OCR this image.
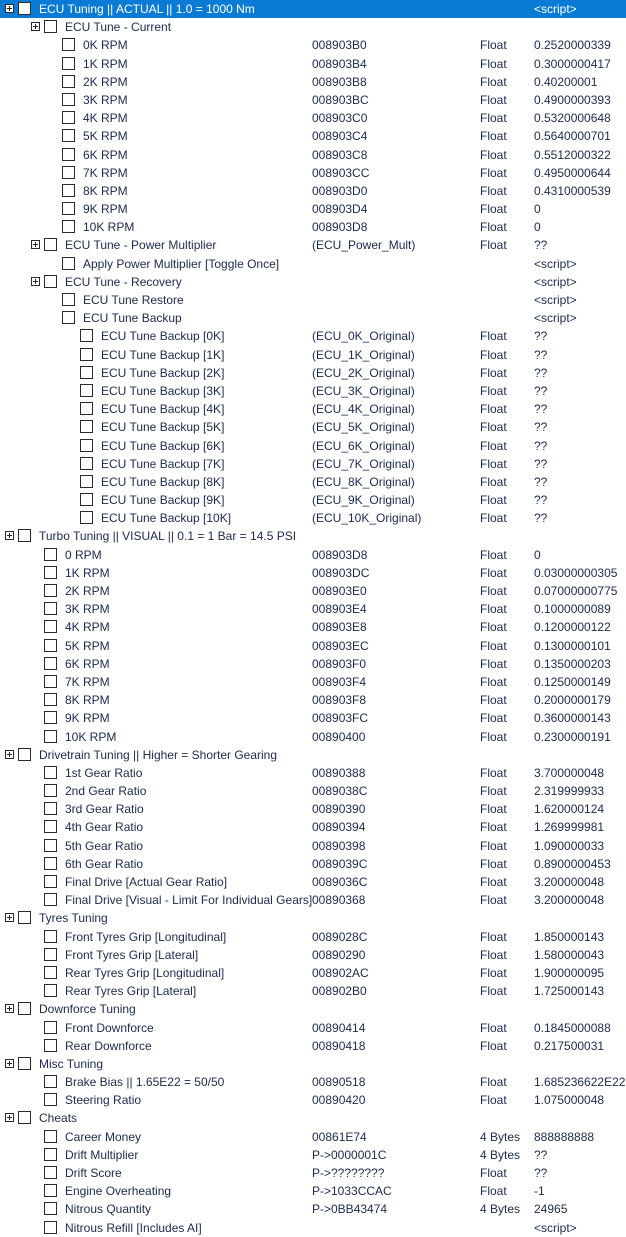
ECU Tuning || ACTUAL || 1.0 = 1000 Nm	<script>
ECU Tune - Current
0K RPM	008903B0	Float 0.2520000339
1K RPM	008903B4	Float 0.3000000417
2K RPM	008903B8	Float 0.40200001
3K RPM	008903BC	Float 0.4900000393
4K RPM	008903C0	Float 0.5320000648
5K RPM	008903C4	Float 0.5640000701
6K RPM	008903C8	Float 0.5512000322
7K RPM	008903CC	Float 0.4950000644
8K RPM	008903D0	Float 0.4310000539
9K RPM	008903D4	Float 0
10K RPM	008903D8	Float 0
ECU Tune - Power Multiplier	(ECU_Power_Mult)	Float ??
Apply Power Multiplier [Toggle Once]	<script>
ECU Tune - Recovery	<script>
ECU Tune Restore	<script>
ECU Tune Backup	<script>
ECU Tune Backup [0K]	(ECU_0K_Original)	Float ??
ECU Tune Backup [1K]	(ECU_1K_Original)	Float ??
ECU Tune Backup [2K]	(ECU_2K_Original)	Float ??
ECU Tune Backup [3K]	(ECU_3K_Original)	Float ??
ECU Tune Backup [4K]	(ECU_4K_Original)	Float ??
ECU Tune Backup [5K]	(ECU_5K_Original)	Float ??
ECU Tune Backup [6K]	(ECU_6K_Original)	Float ??
ECU Tune Backup [7K]	(ECU_7K_Original)	Float ??
ECU Tune Backup [8K]	(ECU_8K_Original)	Float ??
ECU Tune Backup [9K]	(ECU_9K_Original)	Float ??
ECU Tune Backup [10K]	(ECU_10K_Original)	Float ??
Turbo Tuning || VISUAL || 0.1 = 1 Bar = 14.5 PSI
0 RPM	008903D8	Float 0
1K RPM	008903DC	Float 0.03000000305
2K RPM	008903E0	Float 0.07000000775
3K RPM	008903E4	Float 0.1000000089
4K RPM	008903E8	Float 0.1200000122
5K RPM	008903EC	Float 0.1300000101
6K RPM	008903F0	Float 0.1350000203
7K RPM	008903F4	Float 0.1250000149
8K RPM	008903F8	Float 0.2000000179
9K RPM	008903FC	Float 0.3600000143
10K RPM	00890400	Float 0.2300000191
Drivetrain Tuning || Higher = Shorter Gearing
1st Gear Ratio	00890388	Float 3.700000048
2nd Gear Ratio	0089038C	Float 2.319999933
3rd Gear Ratio	00890390	Float 1.620000124
4th Gear Ratio	00890394	Float 1.269999981
5th Gear Ratio	00890398	Float 1.090000033
6th Gear Ratio	0089039C	Float 0.8900000453
Final Drive [Actual Gear Ratio]	0089036C	Float 3.200000048
Final Drive [Visual - Limit For Individual Gears] 00890368	Float 3.200000048
Tyres Tuning
Front Tyres Grip [Longitudinal]	0089028C	Float 1.850000143
Front Tyres Grip [Lateral]	00890290	Float 1.580000043
Rear Tyres Grip [Longitudinal]	008902AC	Float 1.900000095
Rear Tyres Grip [Lateral]	008902B0	Float 1.725000143
Downforce Tuning
Front Downforce	00890414	Float 0.1845000088
Rear Downforce	00890418	Float 0.217500031
Misc Tuning
Brake Bias || 1.65E22 = 50/50	00890518	Float 1.685236622E22
Steering Ratio	00890420	Float 1.075000048
Cheats
Career Money	00861E74	4 Bytes 888888888
Drift Multiplier	P->0000001C	4 Bytes ??
Drift Score	P->????????	Float ??
Engine Overheating	P->1033CCAC	Float -1
Nitrous Quantity	P->0BB43474	4 Bytes 24965
Nitrous Refill [Includes AI]	<script>
